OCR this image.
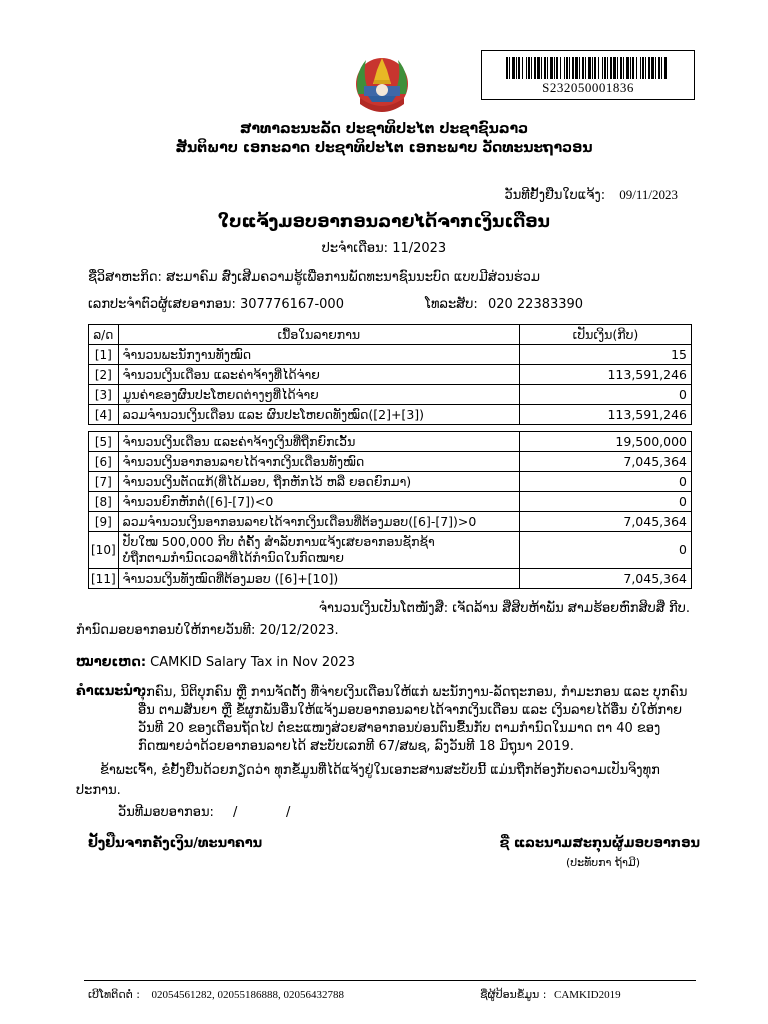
S232050001836
ສາທາລະນະລັດ ປະຊາທິປະໄຕ ປະຊາຊົນລາວ
ສັນຕິພາບ ເອກະລາດ ປະຊາທິປະໄຕ ເອກະພາບ ວັດທະນະຖາວອນ
ວັນທີຢັ້ງຢືນໃບແຈ້ງ: 09/11/2023
ໃບແຈ້ງມອບອາກອນລາຍໄດ້ຈາກເງິນເດືອນ
ປະຈຳເດືອນ: 11/2023
ຊື່ວິສາຫະກິດ: ສະມາຄົມ ສົ່ງເສີມຄວາມຮູ້ເພື່ອການພັດທະນາຊົນນະບົດ ແບບມີສ່ວນຮ່ວມ
ເລກປະຈຳຕົວຜູ້ເສຍອາກອນ: 307776167-000	ໂທລະສັບ: 020 22383390
ລ/ດ	ເນື້ອໃນລາຍການ	ເປັນເງິນ(ກີບ)
[1]	ຈຳນວນພະນັກງານທັງໝົດ	15
[2]	ຈຳນວນເງິນເດືອນ ແລະຄ່າຈ້າງທີ່ໄດ້ຈ່າຍ	113,591,246
[3]	ມູນຄ່າຂອງຜົນປະໂຫຍດຕ່າງໆທີ່ໄດ້ຈ່າຍ	0
[4]	ລວມຈຳນວນເງິນເດືອນ ແລະ ຜົນປະໂຫຍດທັງໝົດ([2]+[3])	113,591,246

[5]	ຈຳນວນເງິນເດືອນ ແລະຄ່າຈ້າງເງິນທີ່ຖືກຍົກເວັ້ນ	19,500,000
[6]	ຈຳນວນເງິນອາກອນລາຍໄດ້ຈາກເງິນເດືອນທັງໝົດ	7,045,364
[7]	ຈຳນວນເງິນຕັດແກ້(ທີ່ໄດ້ມອບ, ຖືກຫັກໄວ້ ຫລື ຍອດຍົກມາ)	0
[8]	ຈຳນວນຍົກຫັກຕໍ່([6]-[7])<0	0
[9]	ລວມຈຳນວນເງິນອາກອນລາຍໄດ້ຈາກເງິນເດືອນທີ່ຕ້ອງມອບ([6]-[7])>0	7,045,364
[10]	ປັບໃໝ 500,000 ກີບ ຕໍ່ຄັ້ງ ສຳລັບການແຈ້ງເສຍອາກອນຊັກຊ້າ
ບໍ່ຖືກຕາມກຳນົດເວລາທີ່ໄດ້ກຳນົດໃນກົດໝາຍ	0
[11]	ຈຳນວນເງິນທັງໝົດທີ່ຕ້ອງມອບ ([6]+[10])	7,045,364
ຈຳນວນເງິນເປັນໂຕໜັງສື: ເຈັດລ້ານ ສີ່ສິບຫ້າພັນ ສາມຮ້ອຍຫົກສິບສີ່ ກີບ.
ກຳນົດມອບອາກອນບໍ່ໃຫ້ກາຍວັນທີ: 20/12/2023.
ໝາຍເຫດ: CAMKID Salary Tax in Nov 2023
ຄຳແນະນຳ:
ບຸກຄົນ, ນິຕິບຸກຄົນ ຫຼື ການຈັດຕັ້ງ ທີ່ຈ່າຍເງິນເດືອນໃຫ້ແກ່ ພະນັກງານ-ລັດຖະກອນ, ກຳມະກອນ ແລະ ບຸກຄົນອື່ນ ຕາມສັນຍາ ຫຼື ຂໍ້ຜູກພັນອື່ນໃຫ້ແຈ້ງມອບອາກອນລາຍໄດ້ຈາກເງິນເດືອນ ແລະ ເງິນລາຍໄດ້ອື່ນ ບໍ່ໃຫ້ກາຍ ວັນທີ 20 ຂອງເດືອນຖັດໄປ ຕໍ່ຂະແໜງສ່ວຍສາອາກອນບ່ອນຕົນຂື້ນກັບ ຕາມກຳນົດໃນມາດ ຕາ 40 ຂອງກົດໝາຍວ່າດ້ວຍອາກອນລາຍໄດ້ ສະບັບເລກທີ 67/ສພຊ, ລົງວັນທີ 18 ມິຖຸນາ 2019.
ຂ້າພະເຈົ້າ, ຂໍຢັ້ງຢືນດ້ວຍກຽດວ່າ ທຸກຂໍ້ມູນທີ່ໄດ້ແຈ້ງຢູ່ໃນເອກະສານສະບັບນີ້ ແມ່ນຖືກຕ້ອງກັບຄວາມເປັນຈິງທຸກປະການ.
ວັນທີມອບອາກອນ: /	/
ຢັ້ງຢືນຈາກຄັງເງິນ/ທະນາຄານ	ຊື່ ແລະນາມສະກຸນຜູ້ມອບອາກອນ
(ປະທັບກາ ຖ້າມີ)
ເບີໂທຕິດຕໍ່ : 02054561282, 02055186888, 02056432788	ຊື່ຜູ້ປ້ອນຂໍ້ມູນ : CAMKID2019
